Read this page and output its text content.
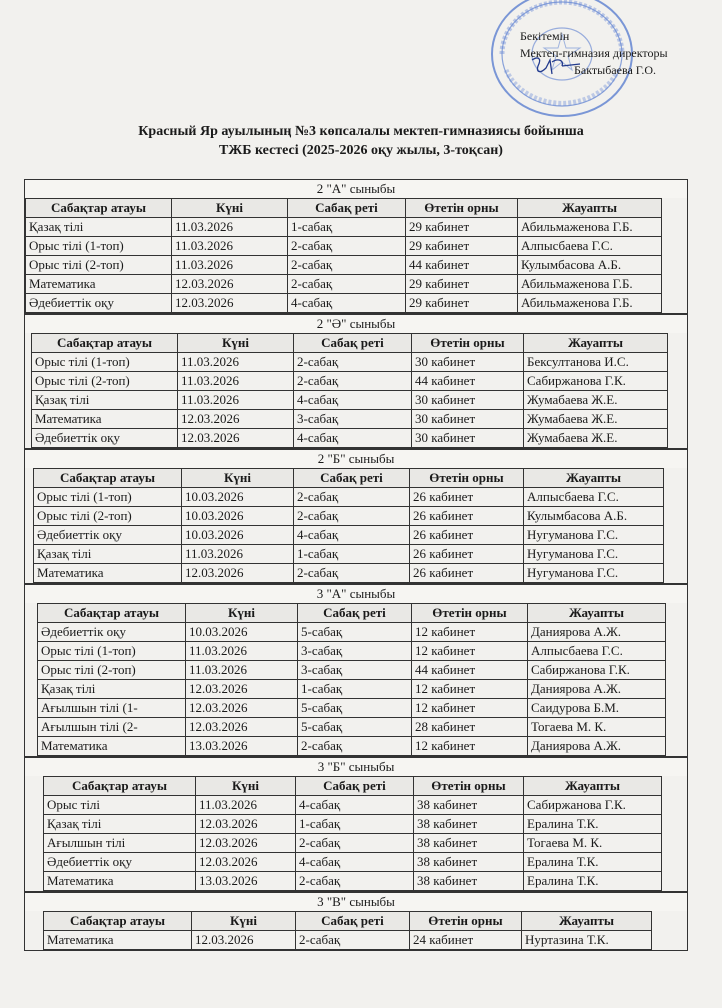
Бекітемін
Мектеп-гимназия директоры
Бактыбаева Г.О.
Красный Яр ауылының №3 көпсалалы мектеп-гимназиясы бойынша
ТЖБ кестесі (2025-2026 оқу жылы, 3-тоқсан)
2 "А" сыныбы
Сабақтар атауы	Күні	Сабақ реті	Өтетін орны	Жауапты
Қазақ тілі	11.03.2026	1-сабақ	29 кабинет	Абильмаженова Г.Б.
Орыс тілі (1-топ)	11.03.2026	2-сабақ	29 кабинет	Алпысбаева Г.С.
Орыс тілі (2-топ)	11.03.2026	2-сабақ	44 кабинет	Кулымбасова А.Б.
Математика	12.03.2026	2-сабақ	29 кабинет	Абильмаженова Г.Б.
Әдебиеттік оқу	12.03.2026	4-сабақ	29 кабинет	Абильмаженова Г.Б.
2 "Ә" сыныбы
Сабақтар атауы	Күні	Сабақ реті	Өтетін орны	Жауапты
Орыс тілі (1-топ)	11.03.2026	2-сабақ	30 кабинет	Бексултанова И.С.
Орыс тілі (2-топ)	11.03.2026	2-сабақ	44 кабинет	Сабиржанова Г.К.
Қазақ тілі	11.03.2026	4-сабақ	30 кабинет	Жумабаева Ж.Е.
Математика	12.03.2026	3-сабақ	30 кабинет	Жумабаева Ж.Е.
Әдебиеттік оқу	12.03.2026	4-сабақ	30 кабинет	Жумабаева Ж.Е.
2 "Б" сыныбы
Сабақтар атауы	Күні	Сабақ реті	Өтетін орны	Жауапты
Орыс тілі (1-топ)	10.03.2026	2-сабақ	26 кабинет	Алпысбаева Г.С.
Орыс тілі (2-топ)	10.03.2026	2-сабақ	26 кабинет	Кулымбасова А.Б.
Әдебиеттік оқу	10.03.2026	4-сабақ	26 кабинет	Нугуманова Г.С.
Қазақ тілі	11.03.2026	1-сабақ	26 кабинет	Нугуманова Г.С.
Математика	12.03.2026	2-сабақ	26 кабинет	Нугуманова Г.С.
3 "А" сыныбы
Сабақтар атауы	Күні	Сабақ реті	Өтетін орны	Жауапты
Әдебиеттік оқу	10.03.2026	5-сабақ	12 кабинет	Даниярова А.Ж.
Орыс тілі (1-топ)	11.03.2026	3-сабақ	12 кабинет	Алпысбаева Г.С.
Орыс тілі (2-топ)	11.03.2026	3-сабақ	44 кабинет	Сабиржанова Г.К.
Қазақ тілі	12.03.2026	1-сабақ	12 кабинет	Даниярова А.Ж.
Ағылшын тілі (1-	12.03.2026	5-сабақ	12 кабинет	Саидурова Б.М.
Ағылшын тілі (2-	12.03.2026	5-сабақ	28 кабинет	Тогаева М. К.
Математика	13.03.2026	2-сабақ	12 кабинет	Даниярова А.Ж.
3 "Б" сыныбы
Сабақтар атауы	Күні	Сабақ реті	Өтетін орны	Жауапты
Орыс тілі	11.03.2026	4-сабақ	38 кабинет	Сабиржанова Г.К.
Қазақ тілі	12.03.2026	1-сабақ	38 кабинет	Ералина Т.К.
Ағылшын тілі	12.03.2026	2-сабақ	38 кабинет	Тогаева М. К.
Әдебиеттік оқу	12.03.2026	4-сабақ	38 кабинет	Ералина Т.К.
Математика	13.03.2026	2-сабақ	38 кабинет	Ералина Т.К.
3 "В" сыныбы
Сабақтар атауы	Күні	Сабақ реті	Өтетін орны	Жауапты
Математика	12.03.2026	2-сабақ	24 кабинет	Нуртазина Т.К.
